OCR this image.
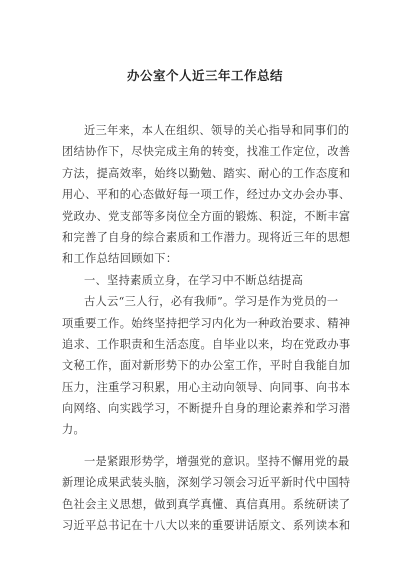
办公室个人近三年工作总结
近三年来，本人在组织、领导的关心指导和同事们的
团结协作下，尽快完成主角的转变，找准工作定位，改善
方法，提高效率，始终以勤勉、踏实、耐心的工作态度和
用心、平和的心态做好每一项工作，经过办文办会办事、
党政办、党支部等多岗位全方面的锻炼、积淀，不断丰富
和完善了自身的综合素质和工作潜力。现将近三年的思想
和工作总结回顾如下：
一、坚持素质立身，在学习中不断总结提高
古人云“三人行，必有我师”。学习是作为党员的一
项重要工作。始终坚持把学习内化为一种政治要求、精神
追求、工作职责和生活态度。自毕业以来，均在党政办事
文秘工作，面对新形势下的办公室工作，平时自我能自加
压力，注重学习积累，用心主动向领导、向同事、向书本
向网络、向实践学习，不断提升自身的理论素养和学习潜
力。
一是紧跟形势学，增强党的意识。坚持不懈用党的最
新理论成果武装头脑，深刻学习领会习近平新时代中国特
色社会主义思想，做到真学真懂、真信真用。系统研读了
习近平总书记在十八大以来的重要讲话原文、系列读本和
